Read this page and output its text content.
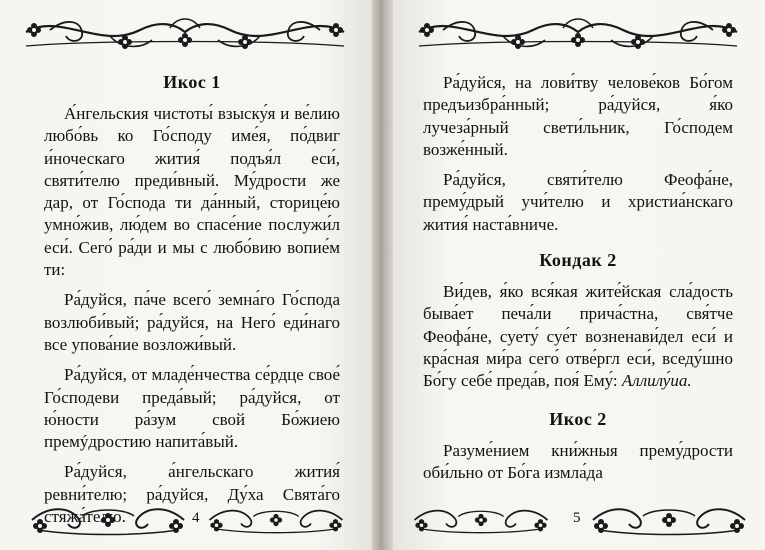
Икос 1

А́нгельския чистоты́ взыску́я и ве́лию любо́вь ко Го́споду име́я, по́двиг и́ноческаго жития́ подъя́л еси́, святи́телю преди́вный. Му́дрости же дар, от Го́спода ти да́нный, сторице́ю умно́жив, лю́дем во спасе́ние послужи́л еси́. Сего́ ра́ди и мы с любо́вию вопие́м ти:

Ра́дуйся, па́че всего́ земна́го Го́спода возлюби́вый; ра́дуйся, на Него́ еди́наго все упова́ние возложи́вый.

Ра́дуйся, от младе́нчества се́рдце свое́ Го́сподеви преда́вый; ра́дуйся, от ю́ности ра́зум свой Бо́жиею премýдростию напита́вый.

Ра́дуйся, а́нгельскаго жития́ ревни́телю; ра́дуйся, Ду́ха Свята́го стяжа́телю.	4

Ра́дуйся, на лови́тву челове́ков Бо́гом предъизбра́нный; ра́дуйся, я́ко лучеза́рный свети́льник, Го́сподем возже́нный.

Ра́дуйся, святи́телю Феофа́не, прему́дрый учи́телю и христиа́нскаго жития́ наста́вниче.

Кондак 2

Ви́дев, я́ко вся́кая жите́йская сла́дость быва́ет печа́ли прича́стна, свя́тче Феофа́не, суету́ суе́т возненави́дел еси́ и кра́сная ми́ра сего́ отве́ргл еси́, вседу́шно Бо́гу себе́ преда́в, поя́ Ему́: Аллилу́иа.

Икос 2

Разуме́нием кни́жныя прему́дрости оби́льно от Бо́га измла́да

5
